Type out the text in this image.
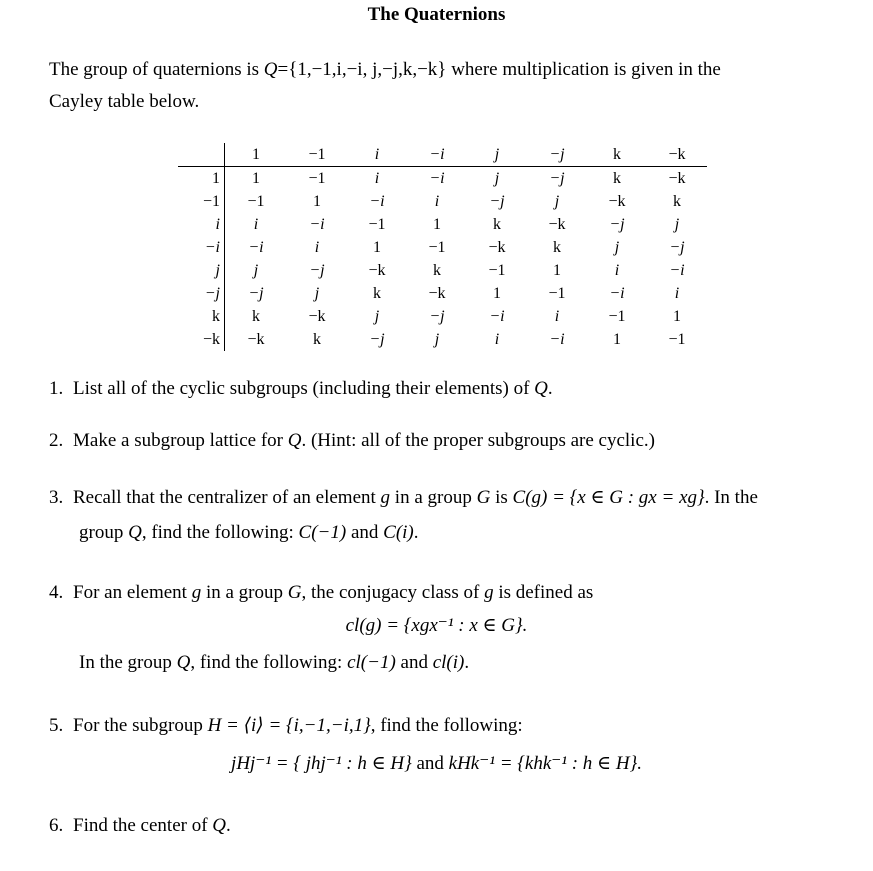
The Quaternions
The group of quaternions is Q={1,−1,i,−i, j,−j,k,−k} where multiplication is given in the
Cayley table below.
	1	−1	i	−i	j	−j	k	−k
1	1	−1	i	−i	j	−j	k	−k
−1	−1	1	−i	i	−j	j	−k	k
i	i	−i	−1	1	k	−k	−j	j
−i	−i	i	1	−1	−k	k	j	−j
j	j	−j	−k	k	−1	1	i	−i
−j	−j	j	k	−k	1	−1	−i	i
k	k	−k	j	−j	−i	i	−1	1
−k	−k	k	−j	j	i	−i	1	−1
1. List all of the cyclic subgroups (including their elements) of Q.
2. Make a subgroup lattice for Q. (Hint: all of the proper subgroups are cyclic.)
3. Recall that the centralizer of an element g in a group G is C(g) = {x ∈ G : gx = xg}. In the
group Q, find the following: C(−1) and C(i).
4. For an element g in a group G, the conjugacy class of g is defined as
cl(g) = {xgx⁻¹ : x ∈ G}.
In the group Q, find the following: cl(−1) and cl(i).
5. For the subgroup H = ⟨i⟩ = {i,−1,−i,1}, find the following:
jHj⁻¹ = { jhj⁻¹ : h ∈ H} and kHk⁻¹ = {khk⁻¹ : h ∈ H}.
6. Find the center of Q.
